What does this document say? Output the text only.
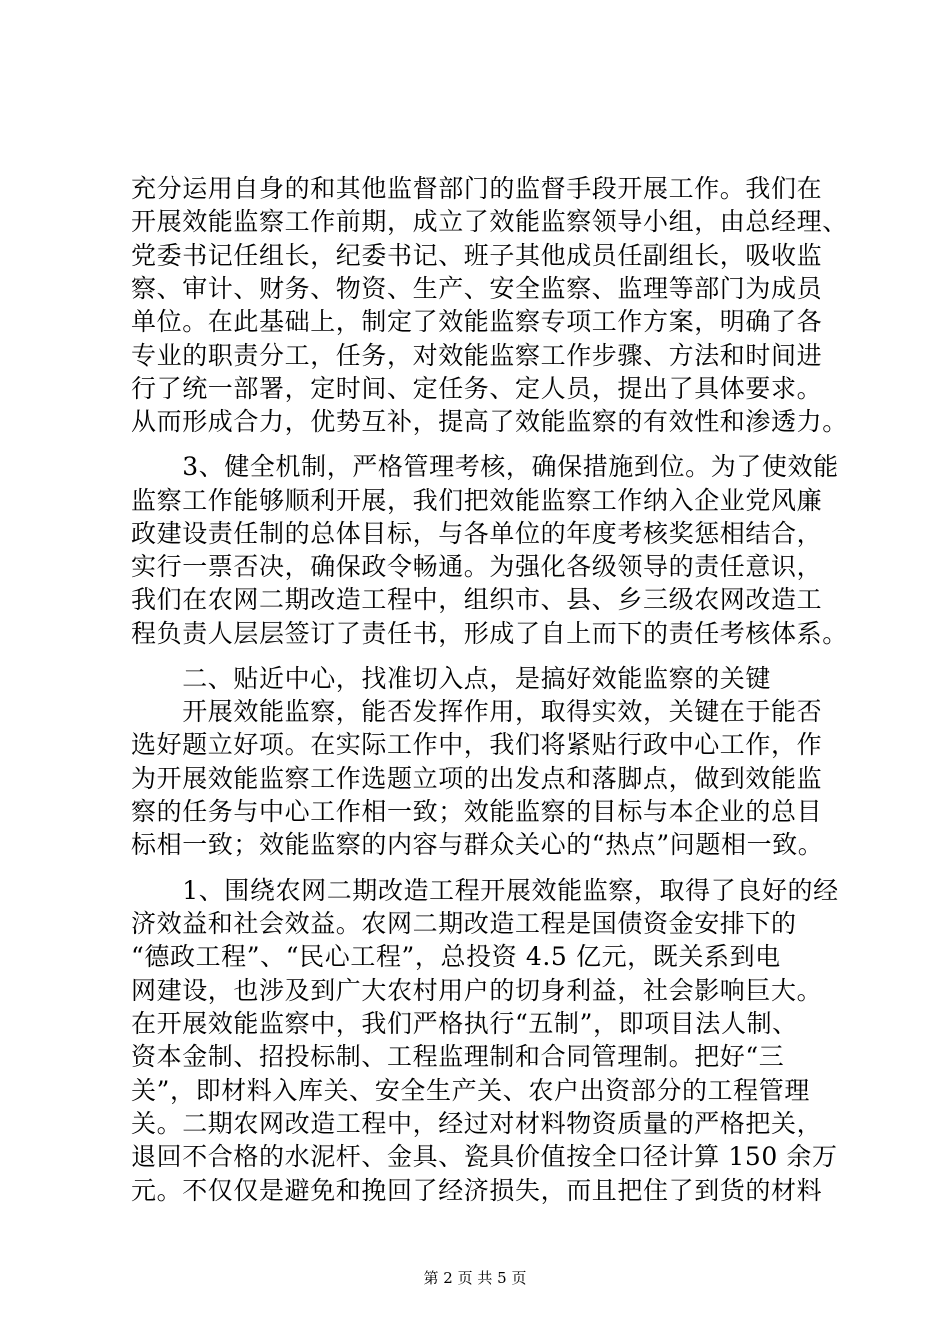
充分运用自身的和其他监督部门的监督手段开展工作。我们在
开展效能监察工作前期，成立了效能监察领导小组，由总经理、
党委书记任组长，纪委书记、班子其他成员任副组长，吸收监
察、审计、财务、物资、生产、安全监察、监理等部门为成员
单位。在此基础上，制定了效能监察专项工作方案，明确了各
专业的职责分工，任务，对效能监察工作步骤、方法和时间进
行了统一部署，定时间、定任务、定人员，提出了具体要求。
从而形成合力，优势互补，提高了效能监察的有效性和渗透力。
　　3、健全机制，严格管理考核，确保措施到位。为了使效能
监察工作能够顺利开展，我们把效能监察工作纳入企业党风廉
政建设责任制的总体目标，与各单位的年度考核奖惩相结合，
实行一票否决，确保政令畅通。为强化各级领导的责任意识，
我们在农网二期改造工程中，组织市、县、乡三级农网改造工
程负责人层层签订了责任书，形成了自上而下的责任考核体系。
　　二、贴近中心，找准切入点，是搞好效能监察的关键
　　开展效能监察，能否发挥作用，取得实效，关键在于能否
选好题立好项。在实际工作中，我们将紧贴行政中心工作，作
为开展效能监察工作选题立项的出发点和落脚点，做到效能监
察的任务与中心工作相一致；效能监察的目标与本企业的总目
标相一致；效能监察的内容与群众关心的“热点”问题相一致。
　　1、围绕农网二期改造工程开展效能监察，取得了良好的经
济效益和社会效益。农网二期改造工程是国债资金安排下的
“德政工程”、“民心工程”，总投资 4.5 亿元，既关系到电
网建设，也涉及到广大农村用户的切身利益，社会影响巨大。
在开展效能监察中，我们严格执行“五制”，即项目法人制、
资本金制、招投标制、工程监理制和合同管理制。把好“三
关”，即材料入库关、安全生产关、农户出资部分的工程管理
关。二期农网改造工程中，经过对材料物资质量的严格把关，
退回不合格的水泥杆、金具、瓷具价值按全口径计算 150 余万
元。不仅仅是避免和挽回了经济损失，而且把住了到货的材料
第 2 页 共 5 页
